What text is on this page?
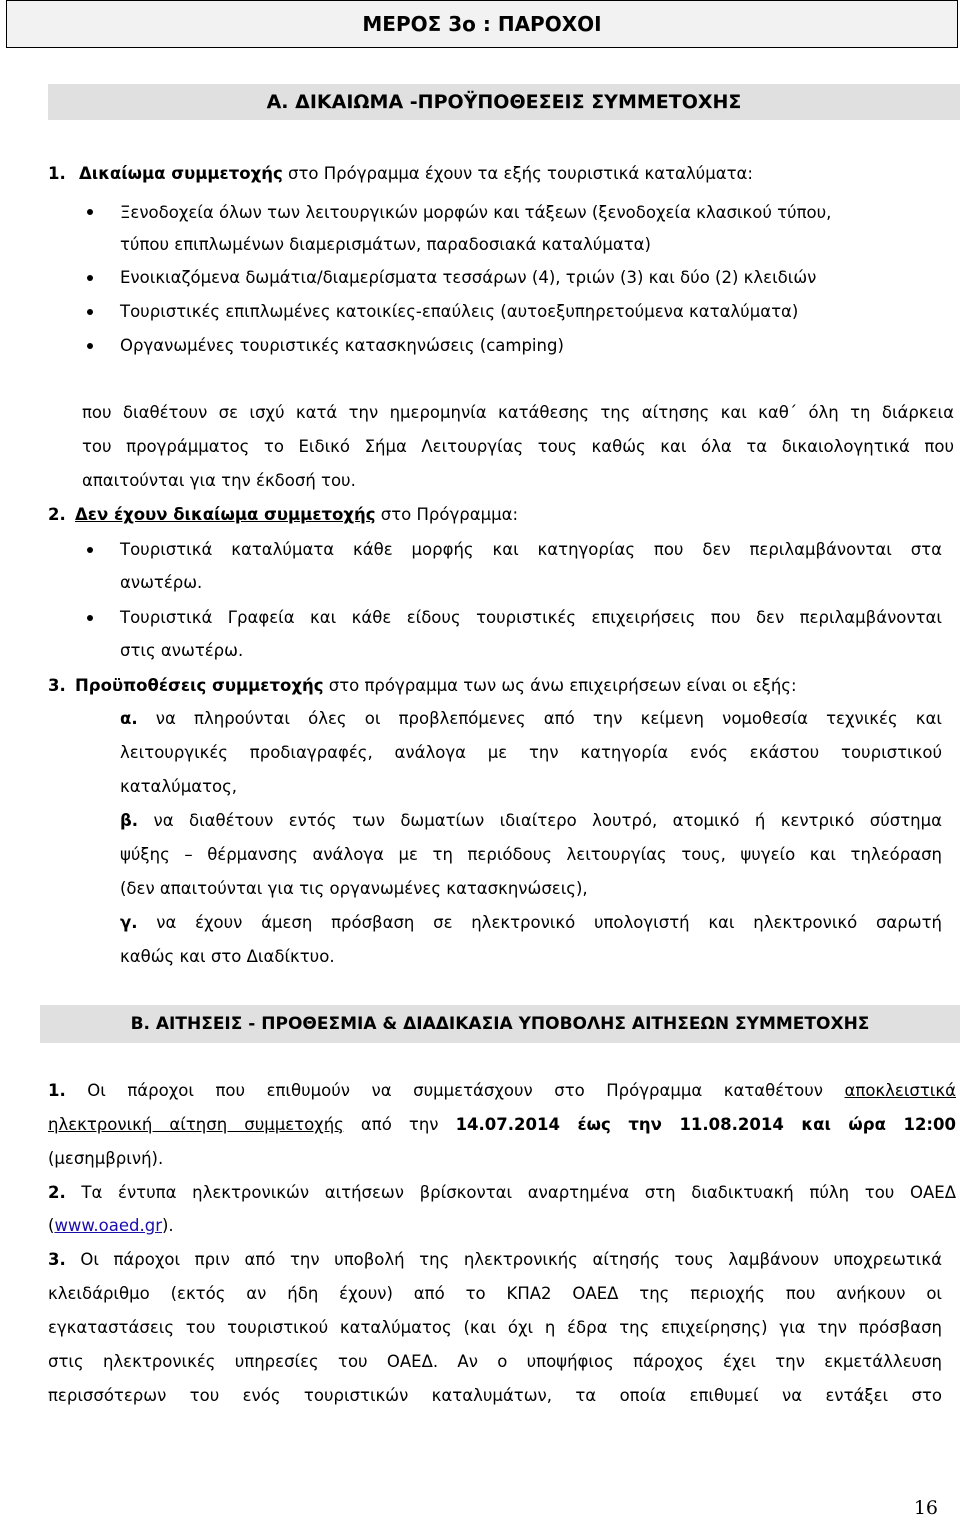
ΜΕΡΟΣ 3ο : ΠΑΡΟΧΟΙ
Α. ΔΙΚΑΙΩΜΑ -ΠΡΟΫΠΟΘΕΣΕΙΣ ΣΥΜΜΕΤΟΧΗΣ
1. Δικαίωμα συμμετοχής στο Πρόγραμμα έχουν τα εξής τουριστικά καταλύματα:
Ξενοδοχεία όλων των λειτουργικών μορφών και τάξεων (ξενοδοχεία κλασικού τύπου,
τύπου επιπλωμένων διαμερισμάτων, παραδοσιακά καταλύματα)
Ενοικιαζόμενα δωμάτια/διαμερίσματα τεσσάρων (4), τριών (3) και δύο (2) κλειδιών
Τουριστικές επιπλωμένες κατοικίες-επαύλεις (αυτοεξυπηρετούμενα καταλύματα)
Οργανωμένες τουριστικές κατασκηνώσεις (camping)
που διαθέτουν σε ισχύ κατά την ημερομηνία κατάθεσης της αίτησης και καθ΄ όλη τη διάρκεια
του προγράμματος το Ειδικό Σήμα Λειτουργίας τους καθώς και όλα τα δικαιολογητικά που
απαιτούνται για την έκδοσή του.
2. Δεν έχουν δικαίωμα συμμετοχής στο Πρόγραμμα:
Τουριστικά καταλύματα κάθε μορφής και κατηγορίας που δεν περιλαμβάνονται στα
ανωτέρω.
Τουριστικά Γραφεία και κάθε είδους τουριστικές επιχειρήσεις που δεν περιλαμβάνονται
στις ανωτέρω.
3. Προϋποθέσεις συμμετοχής στο πρόγραμμα των ως άνω επιχειρήσεων είναι οι εξής:
α. να πληρούνται όλες οι προβλεπόμενες από την κείμενη νομοθεσία τεχνικές και
λειτουργικές προδιαγραφές, ανάλογα με την κατηγορία ενός εκάστου τουριστικού
καταλύματος,
β. να διαθέτουν εντός των δωματίων ιδιαίτερο λουτρό, ατομικό ή κεντρικό σύστημα
ψύξης – θέρμανσης ανάλογα με τη περιόδους λειτουργίας τους, ψυγείο και τηλεόραση
(δεν απαιτούνται για τις οργανωμένες κατασκηνώσεις),
γ. να έχουν άμεση πρόσβαση σε ηλεκτρονικό υπολογιστή και ηλεκτρονικό σαρωτή
καθώς και στο Διαδίκτυο.
Β. ΑΙΤΗΣΕΙΣ - ΠΡΟΘΕΣΜΙΑ & ΔΙΑΔΙΚΑΣΙΑ ΥΠΟΒΟΛΗΣ ΑΙΤΗΣΕΩΝ ΣΥΜΜΕΤΟΧΗΣ
1. Οι πάροχοι που επιθυμούν να συμμετάσχουν στο Πρόγραμμα καταθέτουν αποκλειστικά
ηλεκτρονική αίτηση συμμετοχής από την 14.07.2014 έως την 11.08.2014 και ώρα 12:00
(μεσημβρινή).
2. Τα έντυπα ηλεκτρονικών αιτήσεων βρίσκονται αναρτημένα στη διαδικτυακή πύλη του ΟΑΕΔ
(www.oaed.gr).
3. Οι πάροχοι πριν από την υποβολή της ηλεκτρονικής αίτησής τους λαμβάνουν υποχρεωτικά
κλειδάριθμο (εκτός αν ήδη έχουν) από το ΚΠΑ2 ΟΑΕΔ της περιοχής που ανήκουν οι
εγκαταστάσεις του τουριστικού καταλύματος (και όχι η έδρα της επιχείρησης) για την πρόσβαση
στις ηλεκτρονικές υπηρεσίες του ΟΑΕΔ. Αν ο υποψήφιος πάροχος έχει την εκμετάλλευση
περισσότερων του ενός τουριστικών καταλυμάτων, τα οποία επιθυμεί να εντάξει στο
16
